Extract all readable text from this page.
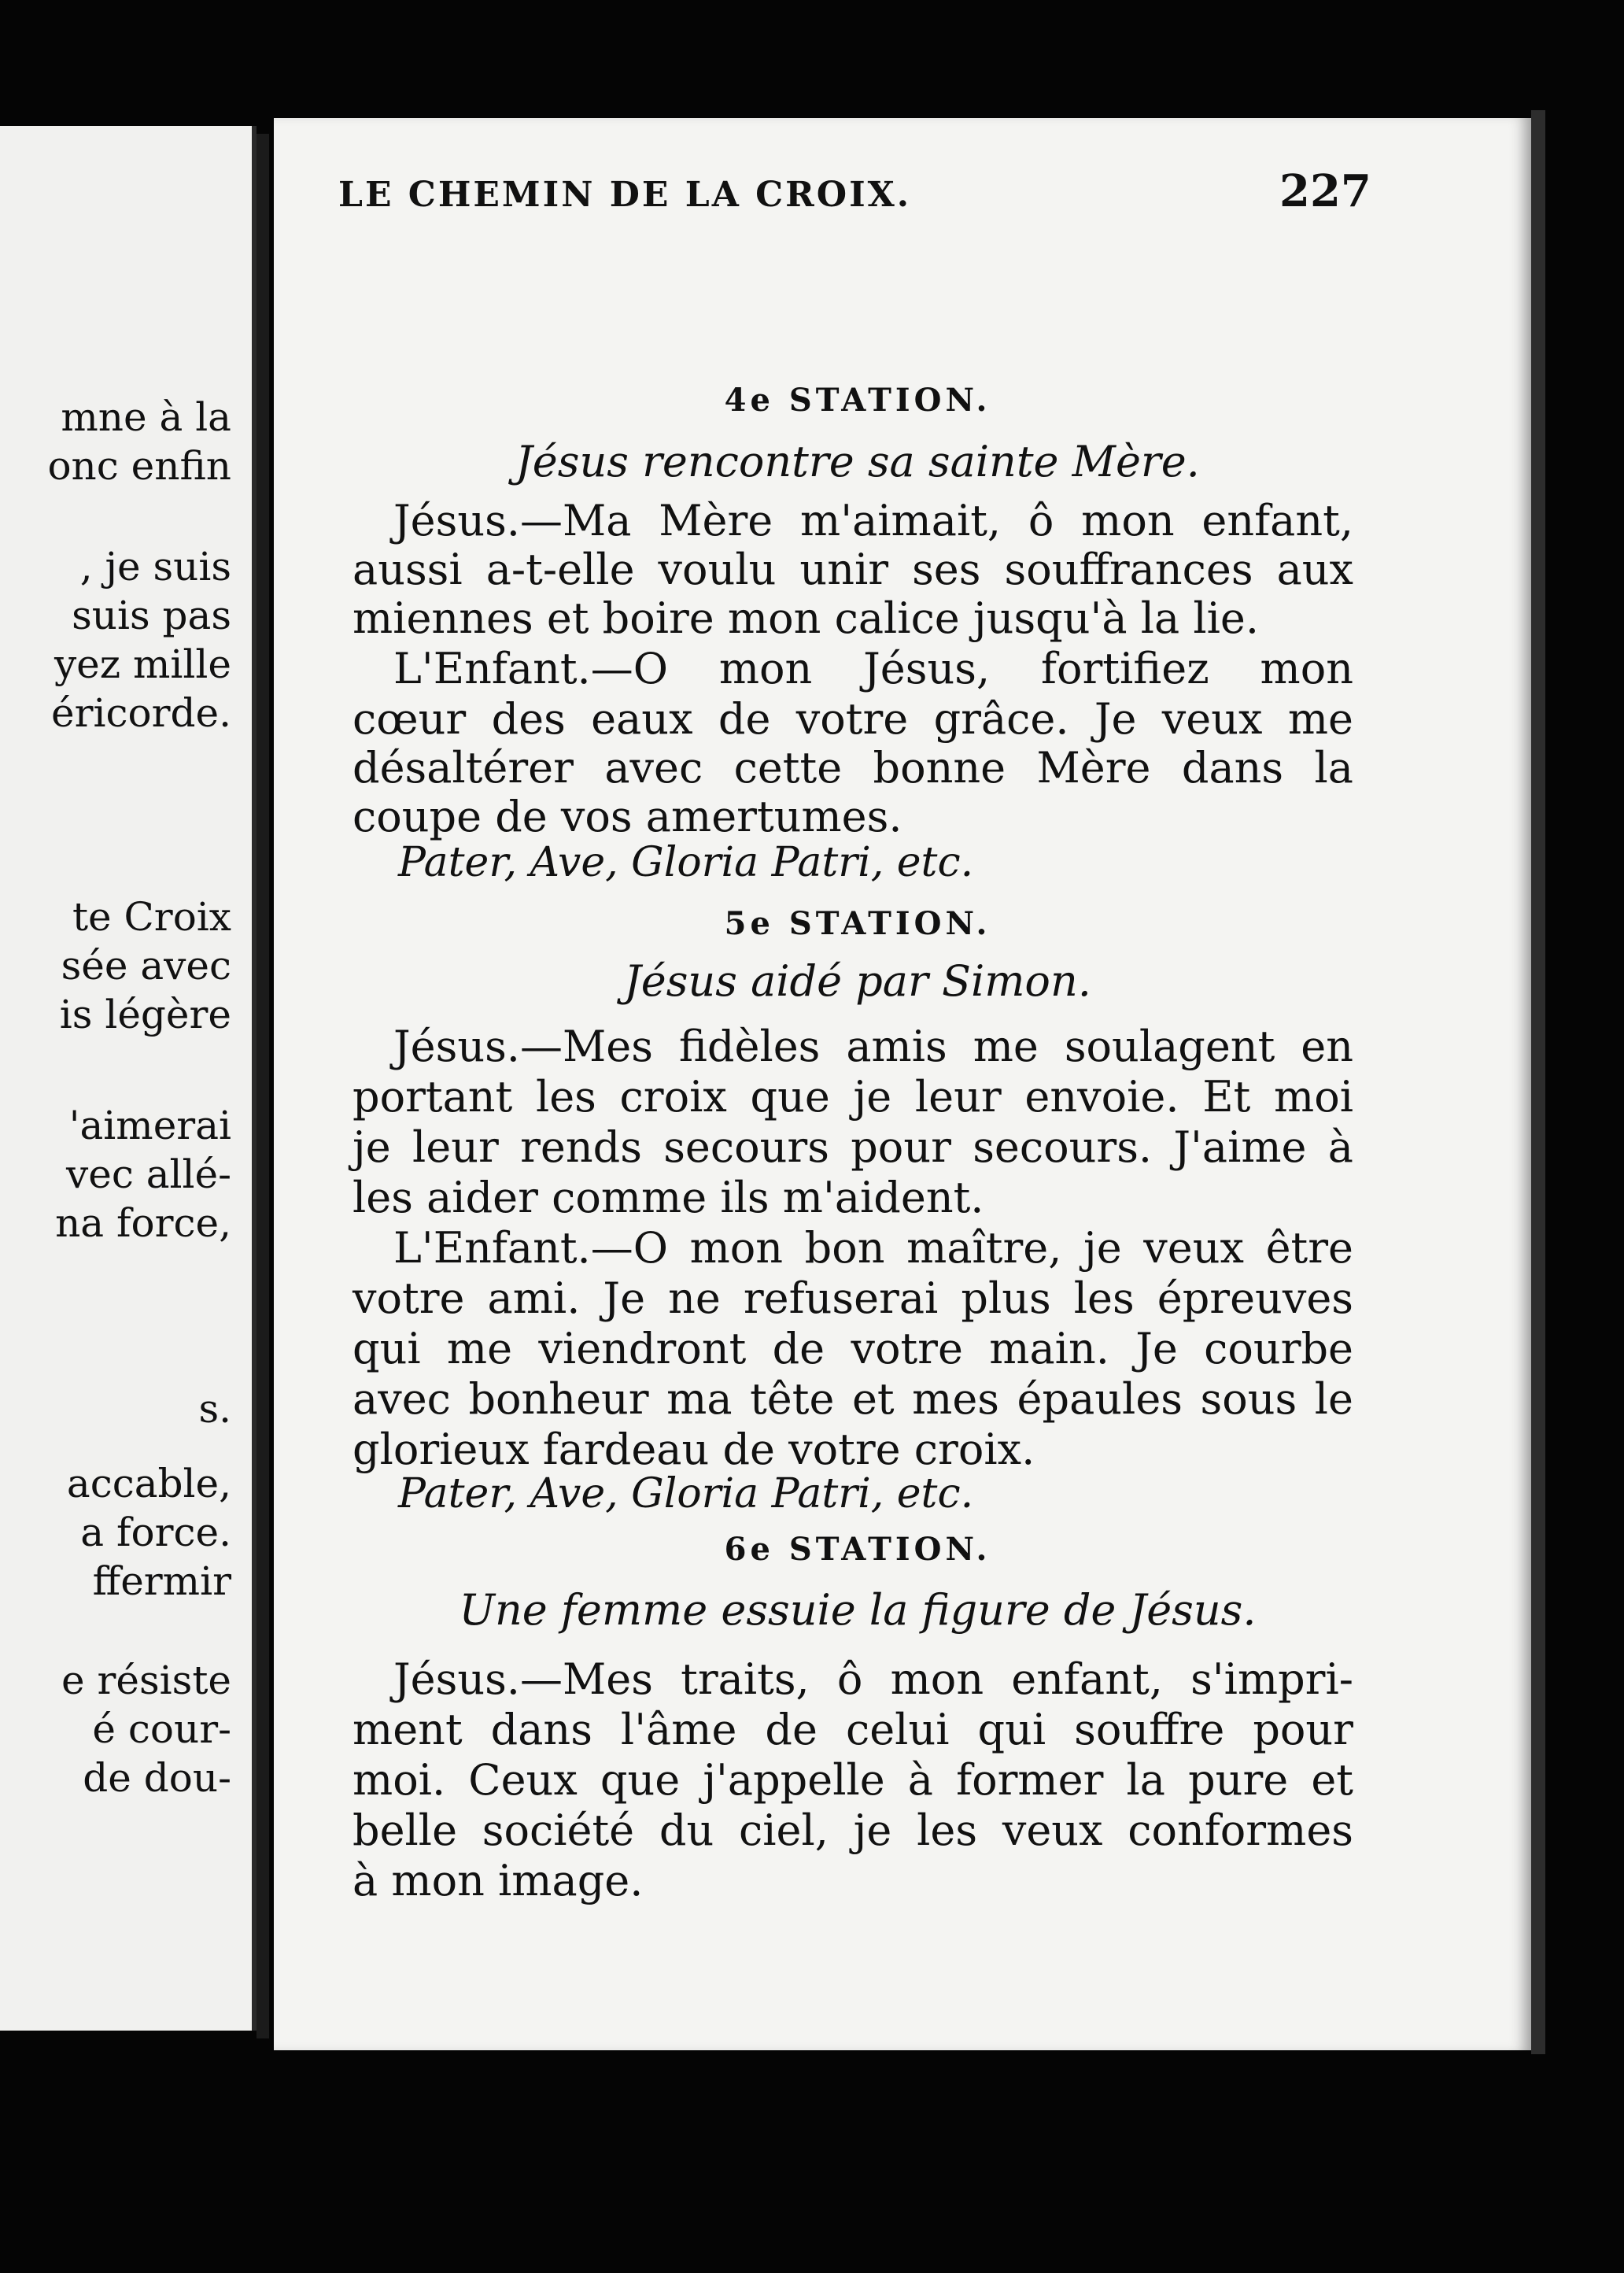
mne à la
onc enfin
, je suis
suis pas
yez mille
éricorde.
te Croix
sée avec
is légère
'aimerai
vec allé-
na force,
s.
accable,
a force.
ffermir
e résiste
é cour-
de dou-
LE CHEMIN DE LA CROIX.	227
4e STATION.
Jésus rencontre sa sainte Mère.
Jésus.—Ma Mère m'aimait, ô mon enfant,
aussi a-t-elle voulu unir ses souffrances aux
miennes et boire mon calice jusqu'à la lie.
L'Enfant.—O mon Jésus, fortifiez mon
cœur des eaux de votre grâce. Je veux me
désaltérer avec cette bonne Mère dans la
coupe de vos amertumes.
Pater, Ave, Gloria Patri, etc.
5e STATION.
Jésus aidé par Simon.
Jésus.—Mes fidèles amis me soulagent en
portant les croix que je leur envoie. Et moi
je leur rends secours pour secours. J'aime à
les aider comme ils m'aident.
L'Enfant.—O mon bon maître, je veux être
votre ami. Je ne refuserai plus les épreuves
qui me viendront de votre main. Je courbe
avec bonheur ma tête et mes épaules sous le
glorieux fardeau de votre croix.
Pater, Ave, Gloria Patri, etc.
6e STATION.
Une femme essuie la figure de Jésus.
Jésus.—Mes traits, ô mon enfant, s'impri-
ment dans l'âme de celui qui souffre pour
moi. Ceux que j'appelle à former la pure et
belle société du ciel, je les veux conformes
à mon image.
